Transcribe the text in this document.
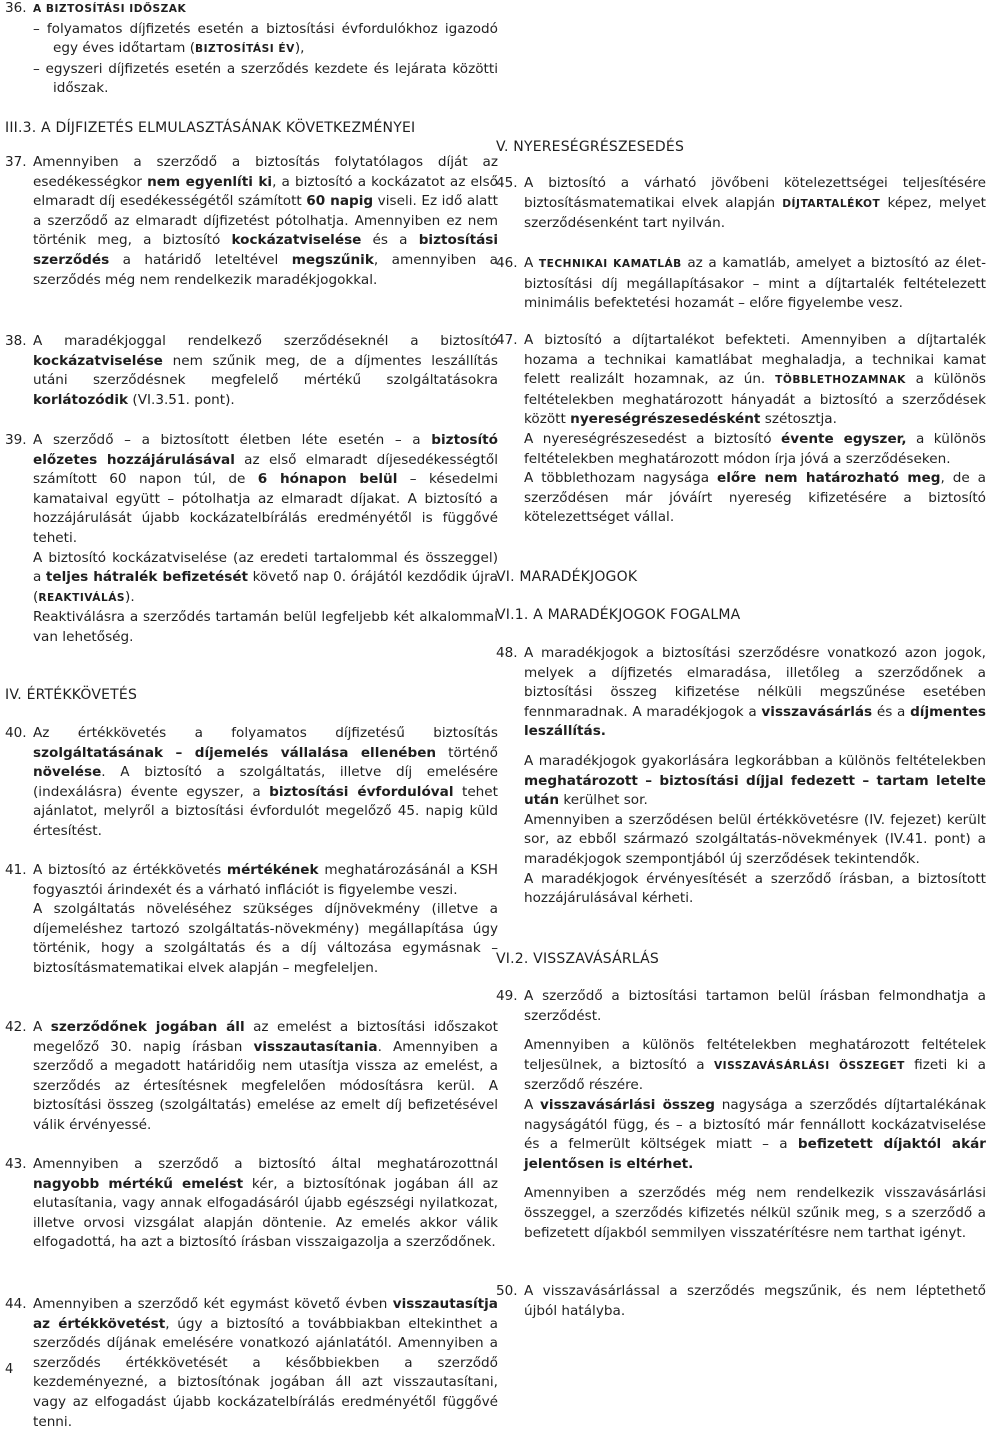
36. A BIZTOSÍTÁSI IDŐSZAK

– folyamatos díjfizetés esetén a biztosítási évfordulókhoz igazodó egy éves időtartam (BIZTOSÍTÁSI ÉV),

– egyszeri díjfizetés esetén a szerződés kezdete és lejárata közötti időszak.

III.3. A DÍJFIZETÉS ELMULASZTÁSÁNAK KÖVETKEZMÉNYEI
37. Amennyiben a szerződő a biztosítás folytatólagos díját az esedékességkor nem egyenlíti ki, a biztosító a kockázatot az első elmaradt díj esedékességétől számított 60 napig viseli. Ez idő alatt a szerződő az elmaradt díjfizetést pótolhatja. Amennyiben ez nem történik meg, a biztosító kockázatviselése és a biztosítási szerződés a határidő leteltével megszűnik, amennyiben a szerződés még nem rendelkezik maradékjogokkal.

38. A maradékjoggal rendelkező szerződéseknél a biztosító kockázatviselése nem szűnik meg, de a díjmentes leszállítás utáni szerződésnek megfelelő mértékű szolgáltatásokra korlátozódik (VI.3.51. pont).

39. A szerződő – a biztosított életben léte esetén – a biztosító előzetes hozzájárulásával az első elmaradt díjesedékességtől számított 60 napon túl, de 6 hónapon belül – késedelmi kamataival együtt – pótolhatja az elmaradt díjakat. A biztosító a hozzájárulását újabb kockázatelbírálás eredményétől is függővé teheti.

A biztosító kockázatviselése (az eredeti tartalommal és összeggel) a teljes hátralék befizetését követő nap 0. órájától kezdődik újra (REAKTIVÁLÁS).

Reaktiválásra a szerződés tartamán belül legfeljebb két alkalommal van lehetőség.

IV. ÉRTÉKKÖVETÉS
40. Az értékkövetés a folyamatos díjfizetésű biztosítás szolgáltatásának – díjemelés vállalása ellenében történő növelése. A biztosító a szolgáltatás, illetve díj emelésére (indexálásra) évente egyszer, a biztosítási évfordulóval tehet ajánlatot, melyről a biztosítási évfordulót megelőző 45. napig küld értesítést.

41. A biztosító az értékkövetés mértékének meghatározásánál a KSH fogyasztói árindexét és a várható inflációt is figyelembe veszi.

A szolgáltatás növeléséhez szükséges díjnövekmény (illetve a díjemeléshez tartozó szolgáltatás-növekmény) megállapítása úgy történik, hogy a szolgáltatás és a díj változása egymásnak – biztosításmatematikai elvek alapján – megfeleljen.

42. A szerződőnek jogában áll az emelést a biztosítási időszakot megelőző 30. napig írásban visszautasítania. Amennyiben a szerződő a megadott határidőig nem utasítja vissza az emelést, a szerződés az értesítésnek megfelelően módosításra kerül. A biztosítási összeg (szolgáltatás) emelése az emelt díj befizetésével válik érvényessé.

43. Amennyiben a szerződő a biztosító által meghatározottnál nagyobb mértékű emelést kér, a biztosítónak jogában áll az elutasítania, vagy annak elfogadásáról újabb egészségi nyilatkozat, illetve orvosi vizsgálat alapján döntenie. Az emelés akkor válik elfogadottá, ha azt a biztosító írásban visszaigazolja a szerződőnek.

44. Amennyiben a szerződő két egymást követő évben visszautasítja az értékkövetést, úgy a biztosító a továbbiakban eltekinthet a szerződés díjának emelésére vonatkozó ajánlatától. Amennyiben a szerződés értékkövetését a későbbiekben a szerződő kezdeményezné, a biztosítónak jogában áll azt visszautasítani, vagy az elfogadást újabb kockázatelbírálás eredményétől függővé tenni.

V. NYERESÉGRÉSZESEDÉS
45. A biztosító a várható jövőbeni kötelezettségei teljesítésére biztosításmatematikai elvek alapján DÍJTARTALÉKOT képez, melyet szerződésenként tart nyilván.

46. A TECHNIKAI KAMATLÁB az a kamatláb, amelyet a biztosító az életbiztosítási díj megállapításakor – mint a díjtartalék feltételezett minimális befektetési hozamát – előre figyelembe vesz.

47. A biztosító a díjtartalékot befekteti. Amennyiben a díjtartalék hozama a technikai kamatlábat meghaladja, a technikai kamat felett realizált hozamnak, az ún. TÖBBLETHOZAMNAK a különös feltételekben meghatározott hányadát a biztosító a szerződések között nyereségrészesedésként szétosztja.

A nyereségrészesedést a biztosító évente egyszer, a különös feltételekben meghatározott módon írja jóvá a szerződéseken.

A többlethozam nagysága előre nem határozható meg, de a szerződésen már jóváírt nyereség kifizetésére a biztosító kötelezettséget vállal.

VI. MARADÉKJOGOK
VI.1. A MARADÉKJOGOK FOGALMA
48. A maradékjogok a biztosítási szerződésre vonatkozó azon jogok, melyek a díjfizetés elmaradása, illetőleg a szerződőnek a biztosítási összeg kifizetése nélküli megszűnése esetében fennmaradnak. A maradékjogok a visszavásárlás és a díjmentes leszállítás.

A maradékjogok gyakorlására legkorábban a különös feltételekben meghatározott – biztosítási díjjal fedezett – tartam letelte után kerülhet sor.

Amennyiben a szerződésen belül értékkövetésre (IV. fejezet) került sor, az ebből származó szolgáltatás-növekmények (IV.41. pont) a maradékjogok szempontjából új szerződések tekintendők.

A maradékjogok érvényesítését a szerződő írásban, a biztosított hozzájárulásával kérheti.

VI.2. VISSZAVÁSÁRLÁS
49. A szerződő a biztosítási tartamon belül írásban felmondhatja a szerződést.

Amennyiben a különös feltételekben meghatározott feltételek teljesülnek, a biztosító a VISSZAVÁSÁRLÁSI ÖSSZEGET fizeti ki a szerződő részére.

A visszavásárlási összeg nagysága a szerződés díjtartalékának nagyságától függ, és – a biztosító már fennállott kockázatviselése és a felmerült költségek miatt – a befizetett díjaktól akár jelentősen is eltérhet.

Amennyiben a szerződés még nem rendelkezik visszavásárlási összeggel, a szerződés kifizetés nélkül szűnik meg, s a szerződő a befizetett díjakból semmilyen visszatérítésre nem tarthat igényt.

50. A visszavásárlással a szerződés megszűnik, és nem léptethető újból hatályba.

4
